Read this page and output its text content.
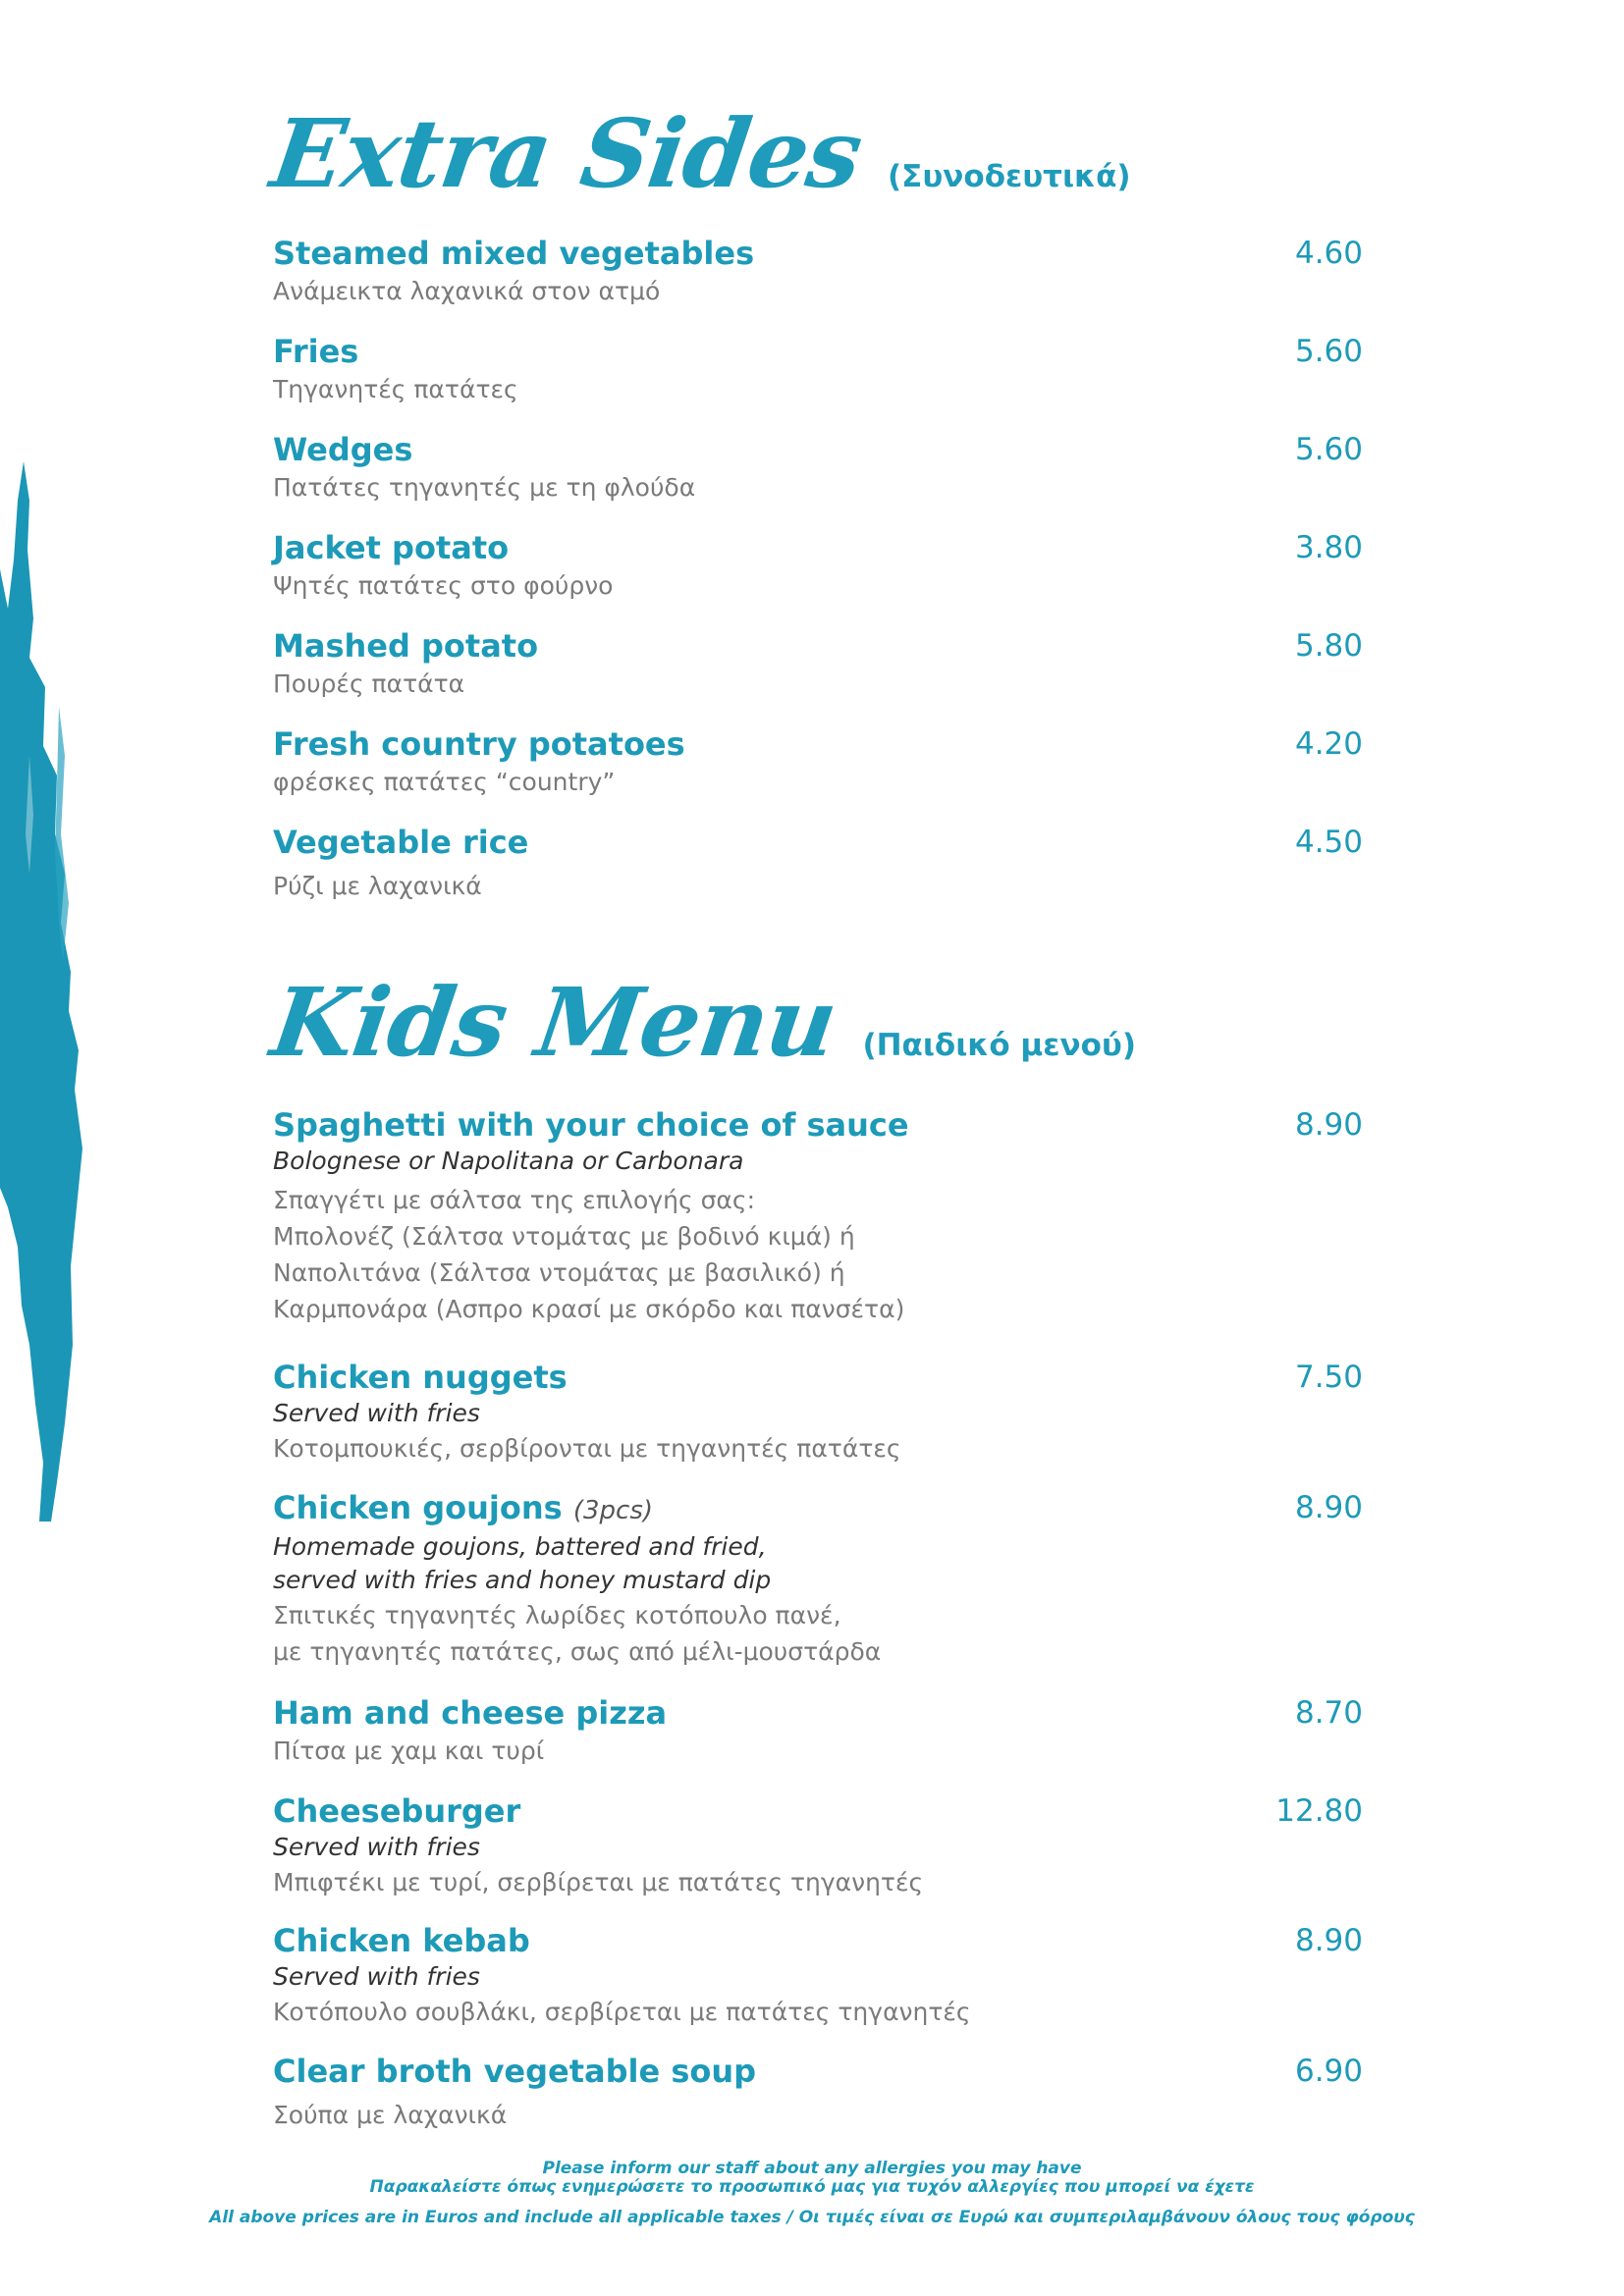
Extra Sides (Συνοδευτικά)
Steamed mixed vegetables	4.60
Ανάμεικτα λαχανικά στον ατμό
Fries	5.60
Τηγανητές πατάτες
Wedges	5.60
Πατάτες τηγανητές με τη φλούδα
Jacket potato	3.80
Ψητές πατάτες στο φούρνο
Mashed potato	5.80
Πουρές πατάτα
Fresh country potatoes	4.20
φρέσκες πατάτες “country”
Vegetable rice	4.50
Ρύζι με λαχανικά
Kids Menu (Παιδικό μενού)
Spaghetti with your choice of sauce	8.90
Bolognese or Napolitana or Carbonara
Σπαγγέτι με σάλτσα της επιλογής σας:
Μπολονέζ (Σάλτσα ντομάτας με βοδινό κιμά) ή
Ναπολιτάνα (Σάλτσα ντομάτας με βασιλικό) ή
Καρμπονάρα (Ασπρο κρασί με σκόρδο και πανσέτα)
Chicken nuggets	7.50
Served with fries
Κοτομπουκιές, σερβίρονται με τηγανητές πατάτες
Chicken goujons (3pcs)	8.90
Homemade goujons, battered and fried,
served with fries and honey mustard dip
Σπιτικές τηγανητές λωρίδες κοτόπουλο πανέ,
με τηγανητές πατάτες, σως από μέλι-μουστάρδα
Ham and cheese pizza	8.70
Πίτσα με χαμ και τυρί
Cheeseburger	12.80
Served with fries
Μπιφτέκι με τυρί, σερβίρεται με πατάτες τηγανητές
Chicken kebab	8.90
Served with fries
Κοτόπουλο σουβλάκι, σερβίρεται με πατάτες τηγανητές
Clear broth vegetable soup	6.90
Σούπα με λαχανικά
Please inform our staff about any allergies you may have
Παρακαλείστε όπως ενημερώσετε το προσωπικό μας για τυχόν αλλεργίες που μπορεί να έχετε
All above prices are in Euros and include all applicable taxes / Οι τιμές είναι σε Ευρώ και συμπεριλαμβάνουν όλους τους φόρους
